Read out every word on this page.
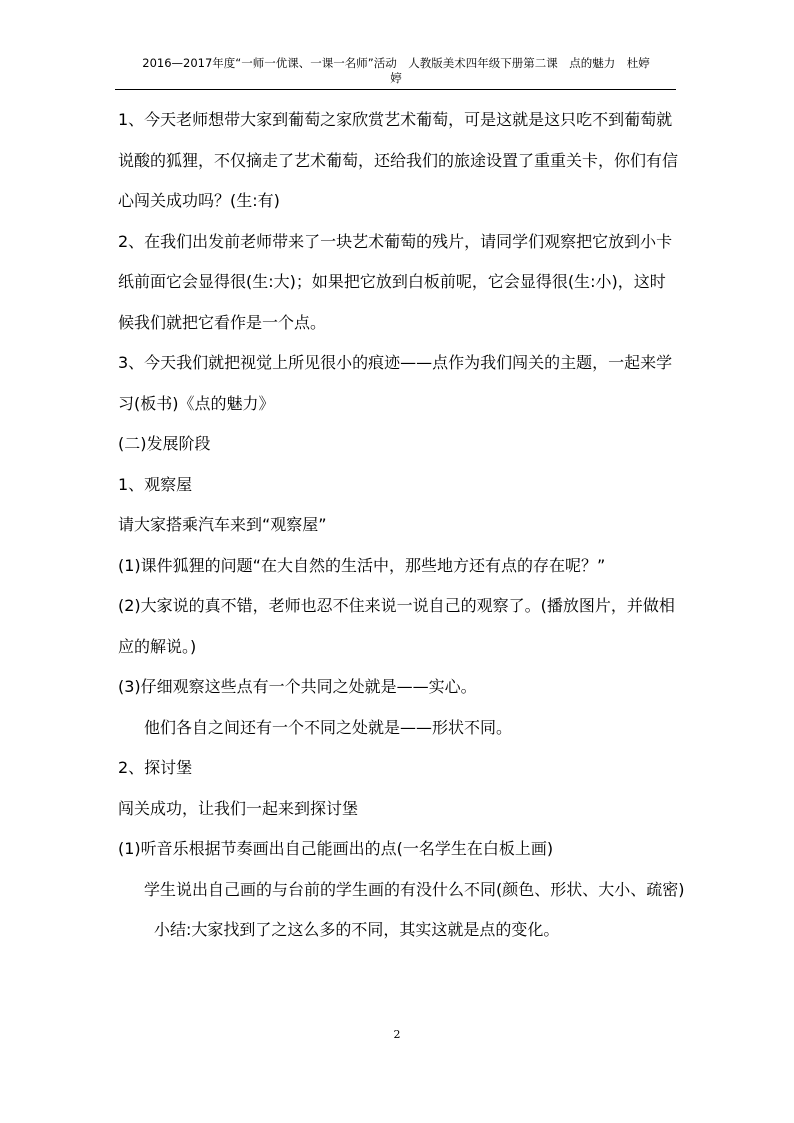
2016—2017年度“一师一优课、一课一名师”活动　人教版美术四年级下册第二课　点的魅力　杜婷
婷

1、今天老师想带大家到葡萄之家欣赏艺术葡萄，可是这就是这只吃不到葡萄就

说酸的狐狸，不仅摘走了艺术葡萄，还给我们的旅途设置了重重关卡，你们有信

心闯关成功吗？(生:有)

2、在我们出发前老师带来了一块艺术葡萄的残片，请同学们观察把它放到小卡

纸前面它会显得很(生:大)；如果把它放到白板前呢，它会显得很(生:小)，这时

候我们就把它看作是一个点。

3、今天我们就把视觉上所见很小的痕迹——点作为我们闯关的主题，一起来学

习(板书)《点的魅力》

(二)发展阶段

1、观察屋

请大家搭乘汽车来到“观察屋”

(1)课件狐狸的问题“在大自然的生活中，那些地方还有点的存在呢？”

(2)大家说的真不错，老师也忍不住来说一说自己的观察了。(播放图片，并做相

应的解说。)

(3)仔细观察这些点有一个共同之处就是——实心。

他们各自之间还有一个不同之处就是——形状不同。

2、探讨堡

闯关成功，让我们一起来到探讨堡

(1)听音乐根据节奏画出自己能画出的点(一名学生在白板上画)

学生说出自己画的与台前的学生画的有没什么不同(颜色、形状、大小、疏密)

小结:大家找到了之这么多的不同，其实这就是点的变化。

2
